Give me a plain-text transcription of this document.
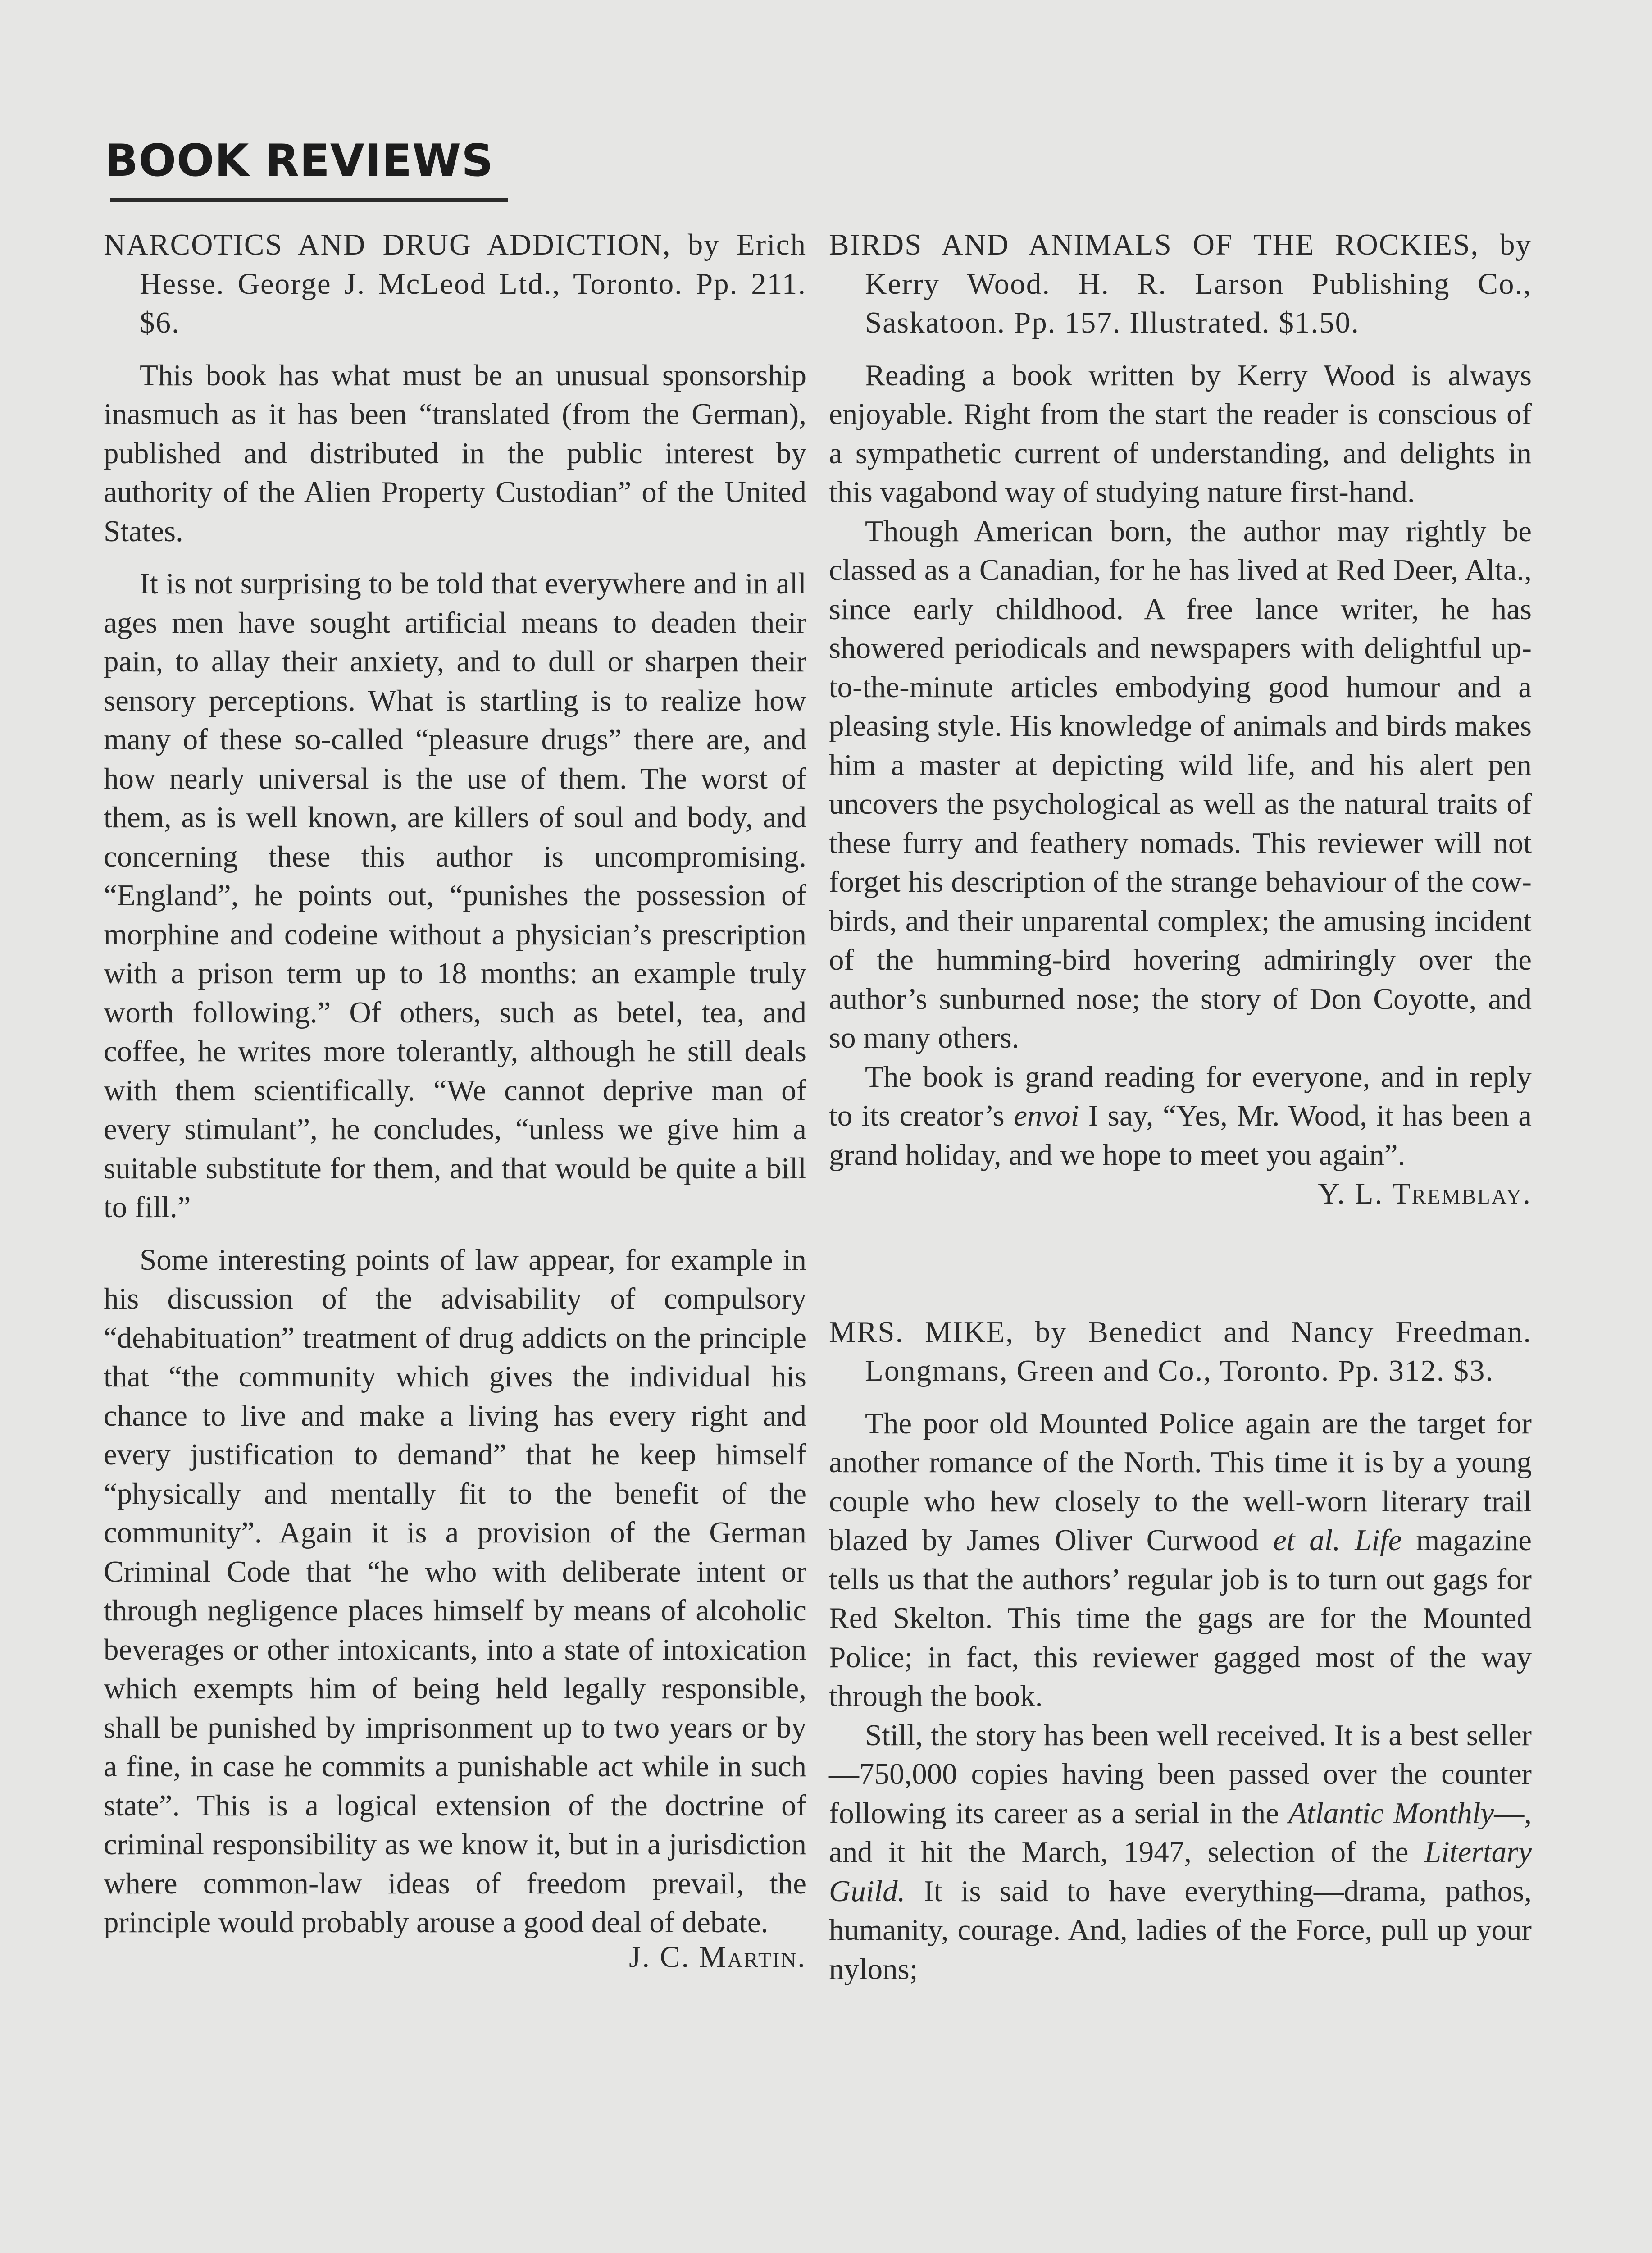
BOOK REVIEWS

NARCOTICS AND DRUG ADDICTION, by Erich Hesse. George J. McLeod Ltd., Toronto. Pp. 211. $6.

This book has what must be an unusual sponsorship inasmuch as it has been “translated (from the German), published and distributed in the public interest by authority of the Alien Property Custodian” of the United States.

It is not surprising to be told that everywhere and in all ages men have sought artificial means to deaden their pain, to allay their anxiety, and to dull or sharpen their sensory perceptions. What is startling is to realize how many of these so-called “pleasure drugs” there are, and how nearly universal is the use of them. The worst of them, as is well known, are killers of soul and body, and concerning these this author is uncompromising. “England”, he points out, “punishes the possession of morphine and codeine without a physician’s prescription with a prison term up to 18 months: an example truly worth following.” Of others, such as betel, tea, and coffee, he writes more tolerantly, although he still deals with them scientifically. “We cannot deprive man of every stimulant”, he concludes, “unless we give him a suitable substitute for them, and that would be quite a bill to fill.”

Some interesting points of law appear, for example in his discussion of the advisability of compulsory “dehabituation” treatment of drug addicts on the principle that “the community which gives the individual his chance to live and make a living has every right and every justification to demand” that he keep himself “physically and mentally fit to the benefit of the community”. Again it is a provision of the German Criminal Code that “he who with deliberate intent or through negligence places himself by means of alcoholic beverages or other intoxicants, into a state of intoxication which exempts him of being held legally responsible, shall be punished by imprisonment up to two years or by a fine, in case he commits a punishable act while in such state”. This is a logical extension of the doctrine of criminal responsibility as we know it, but in a jurisdiction where common-law ideas of freedom prevail, the principle would probably arouse a good deal of debate.

J. C. Martin.

BIRDS AND ANIMALS OF THE ROCKIES, by Kerry Wood. H. R. Larson Publishing Co., Saskatoon. Pp. 157. Illustrated. $1.50.

Reading a book written by Kerry Wood is always enjoyable. Right from the start the reader is conscious of a sympathetic current of understanding, and delights in this vagabond way of studying nature first-hand.

Though American born, the author may rightly be classed as a Canadian, for he has lived at Red Deer, Alta., since early childhood. A free lance writer, he has showered periodicals and newspapers with delightful up-to-the-minute articles embodying good humour and a pleasing style. His knowledge of animals and birds makes him a master at depicting wild life, and his alert pen uncovers the psychological as well as the natural traits of these furry and feathery nomads. This reviewer will not forget his description of the strange behaviour of the cow-birds, and their unparental complex; the amusing incident of the humming-bird hovering admiringly over the author’s sunburned nose; the story of Don Coyotte, and so many others.

The book is grand reading for everyone, and in reply to its creator’s envoi I say, “Yes, Mr. Wood, it has been a grand holiday, and we hope to meet you again”.

Y. L. Tremblay.

MRS. MIKE, by Benedict and Nancy Freedman. Longmans, Green and Co., Toronto. Pp. 312. $3.

The poor old Mounted Police again are the target for another romance of the North. This time it is by a young couple who hew closely to the well-worn literary trail blazed by James Oliver Curwood et al. Life magazine tells us that the authors’ regular job is to turn out gags for Red Skelton. This time the gags are for the Mounted Police; in fact, this reviewer gagged most of the way through the book.

Still, the story has been well received. It is a best seller—750,000 copies having been passed over the counter following its career as a serial in the Atlantic Monthly—, and it hit the March, 1947, selection of the Litertary Guild. It is said to have everything—drama, pathos, humanity, courage. And, ladies of the Force, pull up your nylons;
